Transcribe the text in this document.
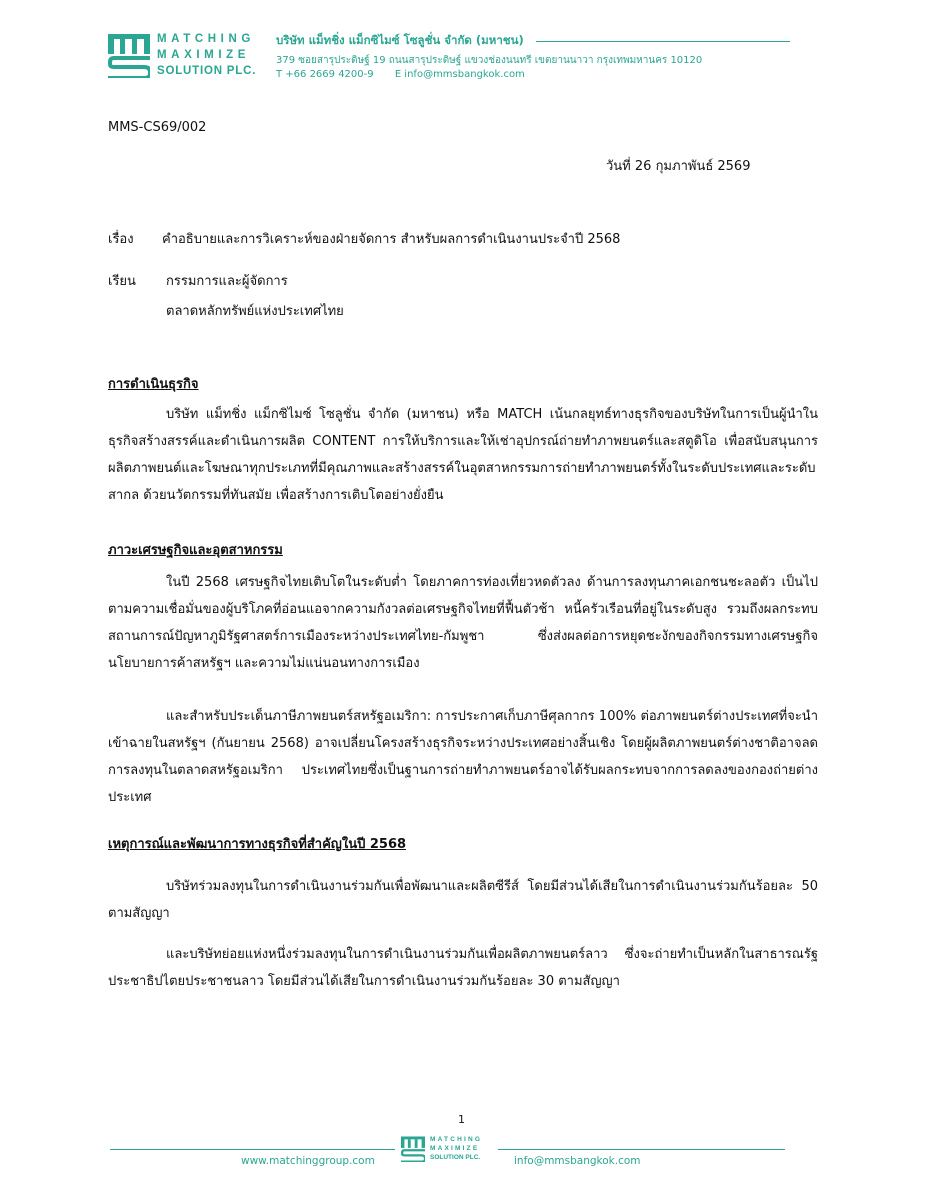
MATCHING
MAXIMIZE
SOLUTION PLC.
บริษัท แม็ทชิ่ง แม็กซิไมซ์ โซลูชั่น จำกัด (มหาชน)
379 ซอยสารุประดิษฐ์ 19 ถนนสารุประดิษฐ์ แขวงช่องนนทรี เขตยานนาวา กรุงเทพมหานคร 10120
T +66 2669 4200-9 E info@mmsbangkok.com
MMS-CS69/002
วันที่ 26 กุมภาพันธ์ 2569
เรื่อง คำอธิบายและการวิเคราะห์ของฝ่ายจัดการ สำหรับผลการดำเนินงานประจำปี 2568
เรียน กรรมการและผู้จัดการ
ตลาดหลักทรัพย์แห่งประเทศไทย
การดำเนินธุรกิจ

บริษัท แม็ทชิ่ง แม็กซิไมซ์ โซลูชั่น จำกัด (มหาชน) หรือ MATCH เน้นกลยุทธ์ทางธุรกิจของบริษัทในการเป็นผู้นำในธุรกิจสร้างสรรค์และดำเนินการผลิต CONTENT การให้บริการและให้เช่าอุปกรณ์ถ่ายทำภาพยนตร์และสตูดิโอ เพื่อสนับสนุนการผลิตภาพยนต์และโฆษณาทุกประเภทที่มีคุณภาพและสร้างสรรค์ในอุตสาหกรรมการถ่ายทำภาพยนตร์ทั้งในระดับประเทศและระดับสากล ด้วยนวัตกรรมที่ทันสมัย เพื่อสร้างการเติบโตอย่างยั่งยืน

ภาวะเศรษฐกิจและอุตสาหกรรม

ในปี 2568 เศรษฐกิจไทยเติบโตในระดับต่ำ โดยภาคการท่องเที่ยวหดตัวลง ด้านการลงทุนภาคเอกชนชะลอตัว เป็นไปตามความเชื่อมั่นของผู้บริโภคที่อ่อนแอจากความกังวลต่อเศรษฐกิจไทยที่ฟื้นตัวช้า หนี้ครัวเรือนที่อยู่ในระดับสูง รวมถึงผลกระทบสถานการณ์ปัญหาภูมิรัฐศาสตร์การเมืองระหว่างประเทศไทย-กัมพูชา ซึ่งส่งผลต่อการหยุดชะงักของกิจกรรมทางเศรษฐกิจ นโยบายการค้าสหรัฐฯ และความไม่แน่นอนทางการเมือง

และสำหรับประเด็นภาษีภาพยนตร์สหรัฐอเมริกา: การประกาศเก็บภาษีศุลกากร 100% ต่อภาพยนตร์ต่างประเทศที่จะนำเข้าฉายในสหรัฐฯ (กันยายน 2568) อาจเปลี่ยนโครงสร้างธุรกิจระหว่างประเทศอย่างสิ้นเชิง โดยผู้ผลิตภาพยนตร์ต่างชาติอาจลดการลงทุนในตลาดสหรัฐอเมริกา ประเทศไทยซึ่งเป็นฐานการถ่ายทำภาพยนตร์อาจได้รับผลกระทบจากการลดลงของกองถ่ายต่างประเทศ

เหตุการณ์และพัฒนาการทางธุรกิจที่สำคัญในปี 2568

บริษัทร่วมลงทุนในการดำเนินงานร่วมกันเพื่อพัฒนาและผลิตซีรีส์ โดยมีส่วนได้เสียในการดำเนินงานร่วมกันร้อยละ 50 ตามสัญญา

และบริษัทย่อยแห่งหนึ่งร่วมลงทุนในการดำเนินงานร่วมกันเพื่อผลิตภาพยนตร์ลาว ซึ่งจะถ่ายทำเป็นหลักในสาธารณรัฐประชาธิปไตยประชาชนลาว โดยมีส่วนได้เสียในการดำเนินงานร่วมกันร้อยละ 30 ตามสัญญา

1
www.matchinggroup.com
MATCHING
MAXIMIZE
SOLUTION PLC.	info@mmsbangkok.com
